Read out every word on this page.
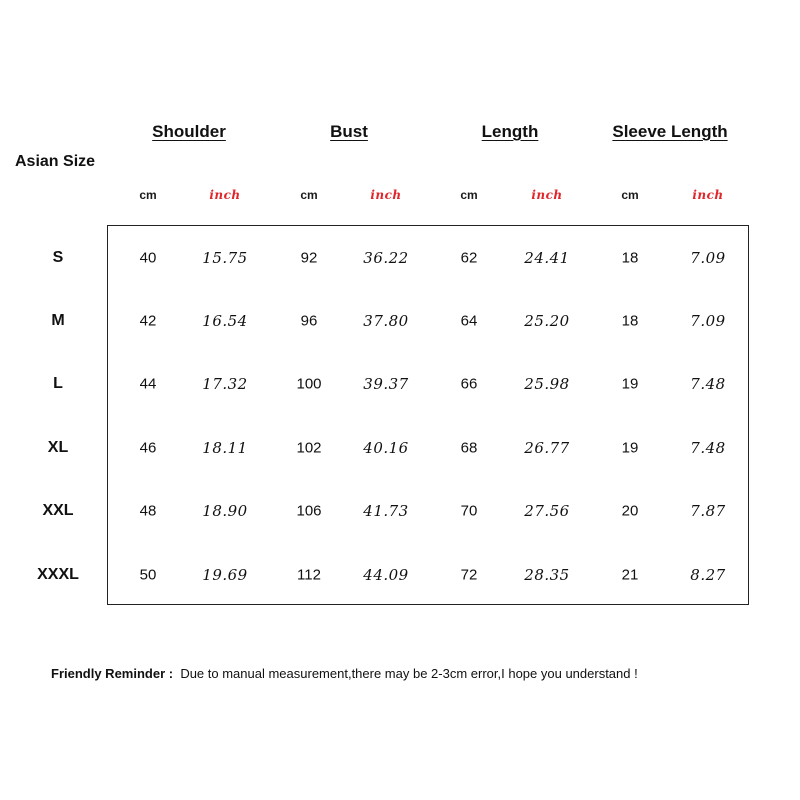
Asian Size
Shoulder	Bust	Length	Sleeve Length
cm	inch	cm	inch	cm	inch	cm	inch
S	40	15.75	92	36.22	62	24.41	18	7.09
M	42	16.54	96	37.80	64	25.20	18	7.09
L	44	17.32	100	39.37	66	25.98	19	7.48
XL	46	18.11	102	40.16	68	26.77	19	7.48
XXL	48	18.90	106	41.73	70	27.56	20	7.87
XXXL	50	19.69	112	44.09	72	28.35	21	8.27
Friendly Reminder : Due to manual measurement,there may be 2-3cm error,I hope you understand !
